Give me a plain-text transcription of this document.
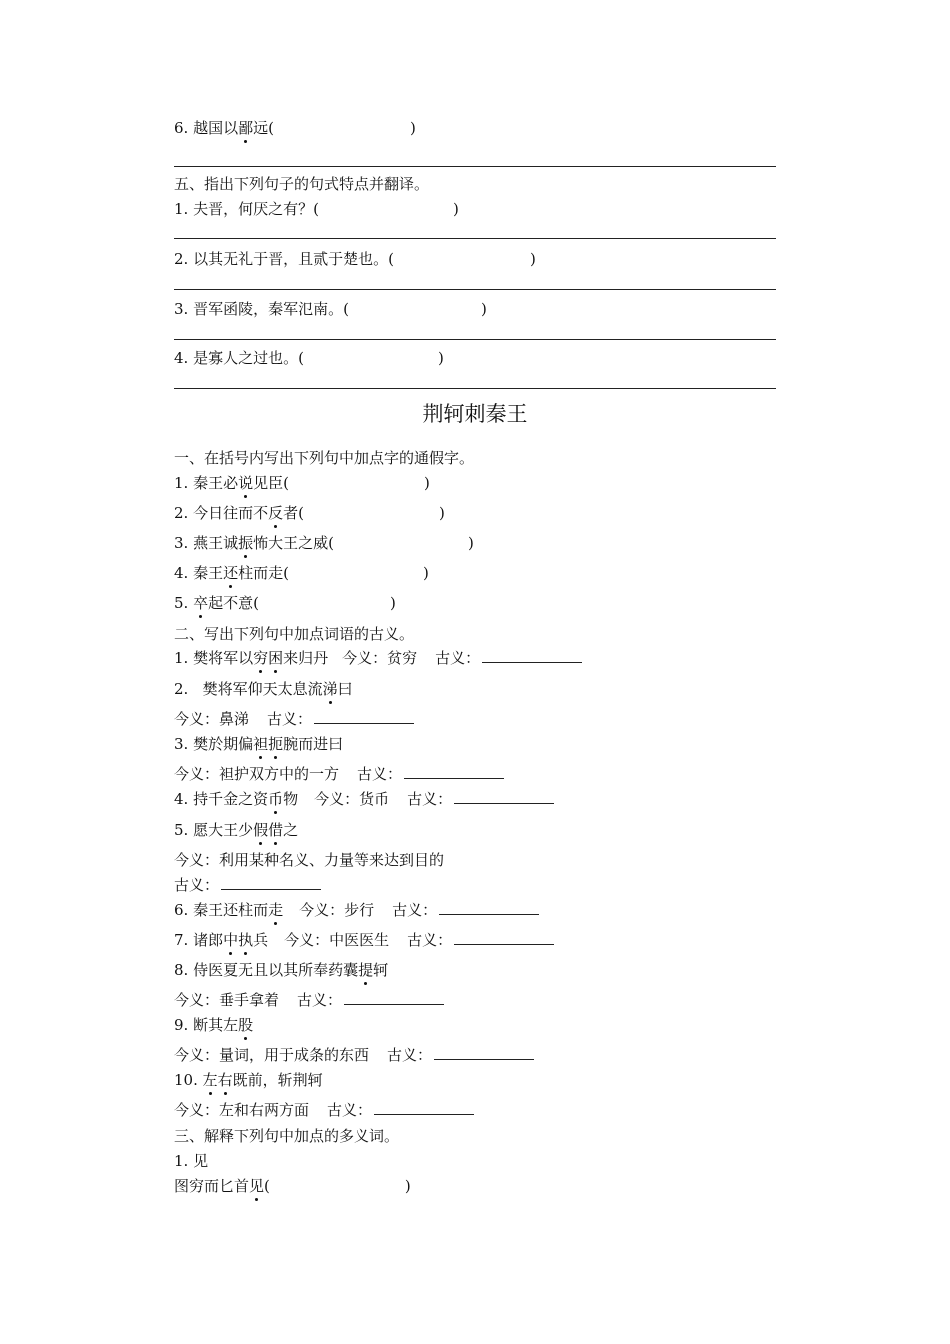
6. 越国以鄙远(	)
五、指出下列句子的句式特点并翻译。
1. 夫晋，何厌之有？(	)
2. 以其无礼于晋，且贰于楚也。(	)
3. 晋军函陵，秦军氾南。(	)
4. 是寡人之过也。(	)
荆轲刺秦王
一、在括号内写出下列句中加点字的通假字。
1. 秦王必说见臣(	)
2. 今日往而不反者(	)
3. 燕王诚振怖大王之威(	)
4. 秦王还柱而走(	)
5. 卒起不意(	)
二、写出下列句中加点词语的古义。
1. 樊将军以穷困来归丹 今义：贫穷 古义：
2.   樊将军仰天太息流涕曰
今义：鼻涕 古义：
3. 樊於期偏袒扼腕而进曰
今义：袒护双方中的一方 古义：
4. 持千金之资币物 今义：货币 古义：
5. 愿大王少假借之
今义：利用某种名义、力量等来达到目的
古义：
6. 秦王还柱而走 今义：步行 古义：
7. 诸郎中执兵 今义：中医医生 古义：
8. 侍医夏无且以其所奉药囊提轲
今义：垂手拿着 古义：
9. 断其左股
今义：量词，用于成条的东西 古义：
10. 左右既前，斩荆轲
今义：左和右两方面 古义：
三、解释下列句中加点的多义词。
1. 见
图穷而匕首见(	)
